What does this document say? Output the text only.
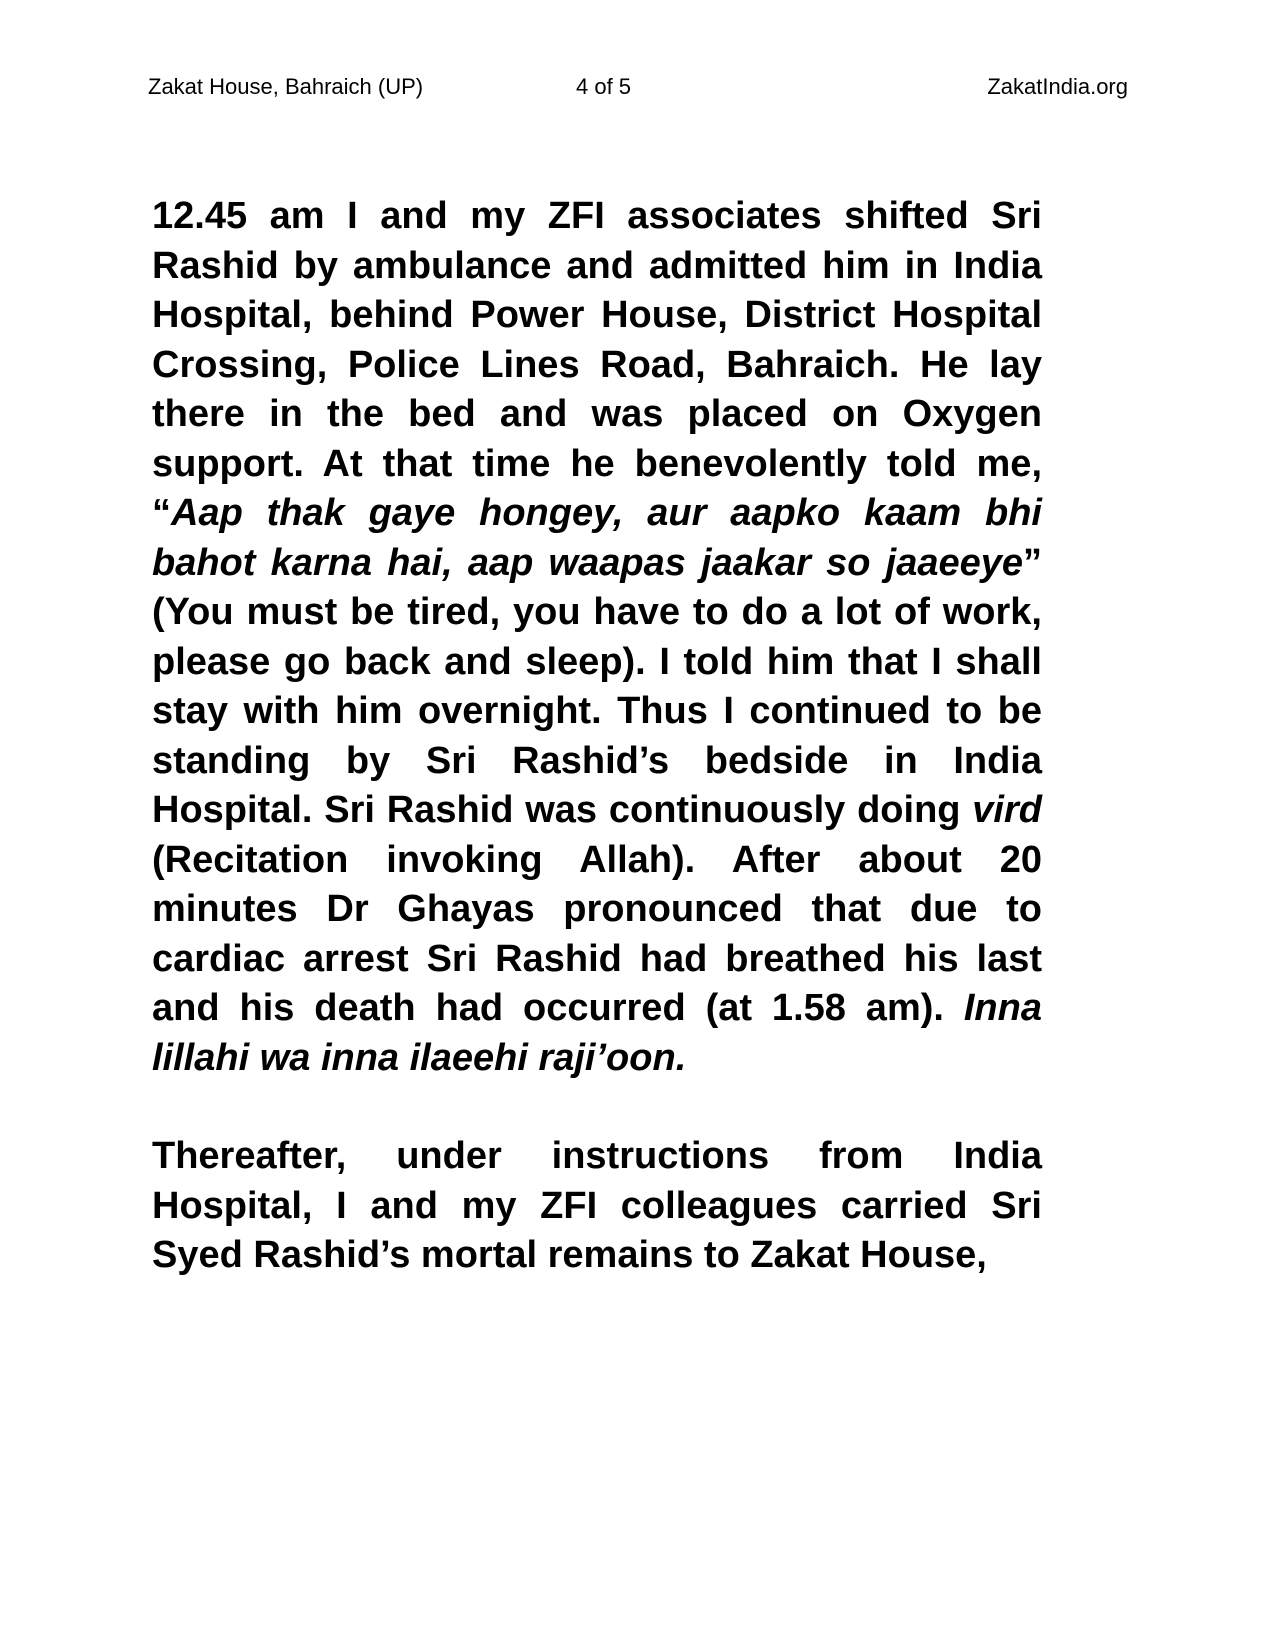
Zakat House, Bahraich (UP)	4 of 5	ZakatIndia.org

12.45 am I and my ZFI associates shifted Sri Rashid by ambulance and admitted him in India Hospital, behind Power House, District Hospital Crossing, Police Lines Road, Bahraich. He lay there in the bed and was placed on Oxygen support. At that time he benevolently told me, “Aap thak gaye hongey, aur aapko kaam bhi bahot karna hai, aap waapas jaakar so jaaeeye” (You must be tired, you have to do a lot of work, please go back and sleep). I told him that I shall stay with him overnight. Thus I continued to be standing by Sri Rashid’s bedside in India Hospital. Sri Rashid was continuously doing vird (Recitation invoking Allah). After about 20 minutes Dr Ghayas pronounced that due to cardiac arrest Sri Rashid had breathed his last and his death had occurred (at 1.58 am). Inna lillahi wa inna ilaeehi raji’oon.

Thereafter, under instructions from India Hospital, I and my ZFI colleagues carried Sri Syed Rashid’s mortal remains to Zakat House,
